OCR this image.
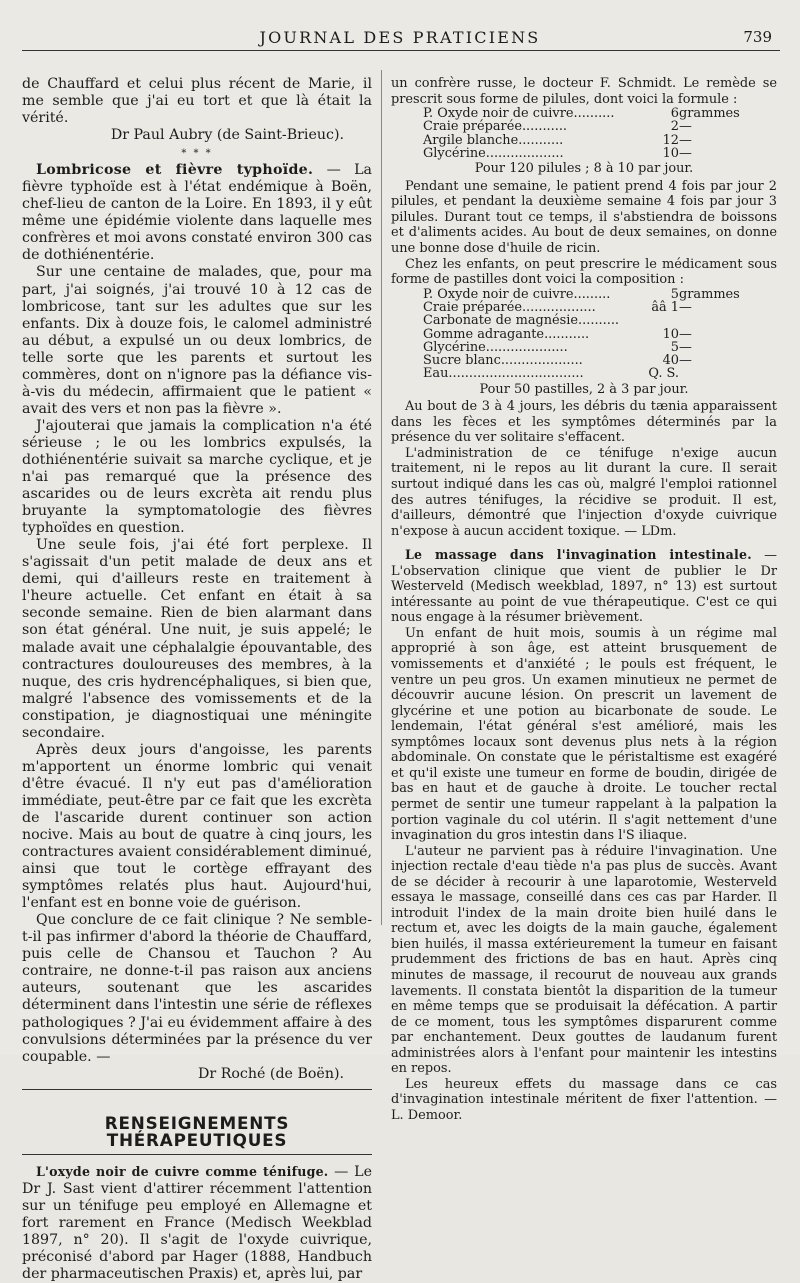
JOURNAL DES PRATICIENS	739

de Chauffard et celui plus récent de Marie, il me semble que j'ai eu tort et que là était la vérité.

Dr Paul Aubry (de Saint-Brieuc).
* * *

Lombricose et fièvre typhoïde. — La fièvre typhoïde est à l'état endémique à Boën, chef-lieu de canton de la Loire. En 1893, il y eût même une épidémie violente dans laquelle mes confrères et moi avons constaté environ 300 cas de dothiénentérie.

Sur une centaine de malades, que, pour ma part, j'ai soignés, j'ai trouvé 10 à 12 cas de lombricose, tant sur les adultes que sur les enfants. Dix à douze fois, le calomel administré au début, a expulsé un ou deux lombrics, de telle sorte que les parents et surtout les commères, dont on n'ignore pas la défiance vis-à-vis du médecin, affirmaient que le patient « avait des vers et non pas la fièvre ».

J'ajouterai que jamais la complication n'a été sérieuse ; le ou les lombrics expulsés, la dothiénentérie suivait sa marche cyclique, et je n'ai pas remarqué que la présence des ascarides ou de leurs excrèta ait rendu plus bruyante la symptomatologie des fièvres typhoïdes en question.

Une seule fois, j'ai été fort perplexe. Il s'agissait d'un petit malade de deux ans et demi, qui d'ailleurs reste en traitement à l'heure actuelle. Cet enfant en était à sa seconde semaine. Rien de bien alarmant dans son état général. Une nuit, je suis appelé; le malade avait une céphalalgie épouvantable, des contractures douloureuses des membres, à la nuque, des cris hydrencéphaliques, si bien que, malgré l'absence des vomissements et de la constipation, je diagnostiquai une méningite secondaire.

Après deux jours d'angoisse, les parents m'apportent un énorme lombric qui venait d'être évacué. Il n'y eut pas d'amélioration immédiate, peut-être par ce fait que les excrèta de l'ascaride durent continuer son action nocive. Mais au bout de quatre à cinq jours, les contractures avaient considérablement diminué, ainsi que tout le cortège effrayant des symptômes relatés plus haut. Aujourd'hui, l'enfant est en bonne voie de guérison.

Que conclure de ce fait clinique ? Ne semble-t-il pas infirmer d'abord la théorie de Chauffard, puis celle de Chansou et Tauchon ? Au contraire, ne donne-t-il pas raison aux anciens auteurs, soutenant que les ascarides déterminent dans l'intestin une série de réflexes pathologiques ? J'ai eu évidemment affaire à des convulsions déterminées par la présence du ver coupable. —

Dr Roché (de Boën).
RENSEIGNEMENTS THÉRAPEUTIQUES

L'oxyde noir de cuivre comme ténifuge. — Le Dr J. Sast vient d'attirer récemment l'attention sur un ténifuge peu employé en Allemagne et fort rarement en France (Medisch Weekblad 1897, n° 20). Il s'agit de l'oxyde cuivrique, préconisé d'abord par Hager (1888, Handbuch der pharmaceutischen Praxis) et, après lui, par

un confrère russe, le docteur F. Schmidt. Le remède se prescrit sous forme de pilules, dont voici la formule :

P. Oxyde noir de cuivre..........	6	grammes
Craie préparée...........	2	—
Argile blanche...........	12	—
Glycérine...................	10	—
Pour 120 pilules ; 8 à 10 par jour.

Pendant une semaine, le patient prend 4 fois par jour 2 pilules, et pendant la deuxième semaine 4 fois par jour 3 pilules. Durant tout ce temps, il s'abstiendra de boissons et d'aliments acides. Au bout de deux semaines, on donne une bonne dose d'huile de ricin.

Chez les enfants, on peut prescrire le médicament sous forme de pastilles dont voici la composition :

P. Oxyde noir de cuivre.........	5	grammes
Craie préparée..................	ââ 1	—
Carbonate de magnésie..........		
Gomme adragante...........	10	—
Glycérine....................	5	—
Sucre blanc....................	40	—
Eau.................................	Q. S.	
Pour 50 pastilles, 2 à 3 par jour.

Au bout de 3 à 4 jours, les débris du tænia apparaissent dans les fèces et les symptômes déterminés par la présence du ver solitaire s'effacent.

L'administration de ce ténifuge n'exige aucun traitement, ni le repos au lit durant la cure. Il serait surtout indiqué dans les cas où, malgré l'emploi rationnel des autres ténifuges, la récidive se produit. Il est, d'ailleurs, démontré que l'injection d'oxyde cuivrique n'expose à aucun accident toxique. — LDm.

Le massage dans l'invagination intestinale. — L'observation clinique que vient de publier le Dr Westerveld (Medisch weekblad, 1897, n° 13) est surtout intéressante au point de vue thérapeutique. C'est ce qui nous engage à la résumer brièvement.

Un enfant de huit mois, soumis à un régime mal approprié à son âge, est atteint brusquement de vomissements et d'anxiété ; le pouls est fréquent, le ventre un peu gros. Un examen minutieux ne permet de découvrir aucune lésion. On prescrit un lavement de glycérine et une potion au bicarbonate de soude. Le lendemain, l'état général s'est amélioré, mais les symptômes locaux sont devenus plus nets à la région abdominale. On constate que le péristaltisme est exagéré et qu'il existe une tumeur en forme de boudin, dirigée de bas en haut et de gauche à droite. Le toucher rectal permet de sentir une tumeur rappelant à la palpation la portion vaginale du col utérin. Il s'agit nettement d'une invagination du gros intestin dans l'S iliaque.

L'auteur ne parvient pas à réduire l'invagination. Une injection rectale d'eau tiède n'a pas plus de succès. Avant de se décider à recourir à une laparotomie, Westerveld essaya le massage, conseillé dans ces cas par Harder. Il introduit l'index de la main droite bien huilé dans le rectum et, avec les doigts de la main gauche, également bien huilés, il massa extérieurement la tumeur en faisant prudemment des frictions de bas en haut. Après cinq minutes de massage, il recourut de nouveau aux grands lavements. Il constata bientôt la disparition de la tumeur en même temps que se produisait la défécation. A partir de ce moment, tous les symptômes disparurent comme par enchantement. Deux gouttes de laudanum furent administrées alors à l'enfant pour maintenir les intestins en repos.

Les heureux effets du massage dans ce cas d'invagination intestinale méritent de fixer l'attention. — L. Demoor.
